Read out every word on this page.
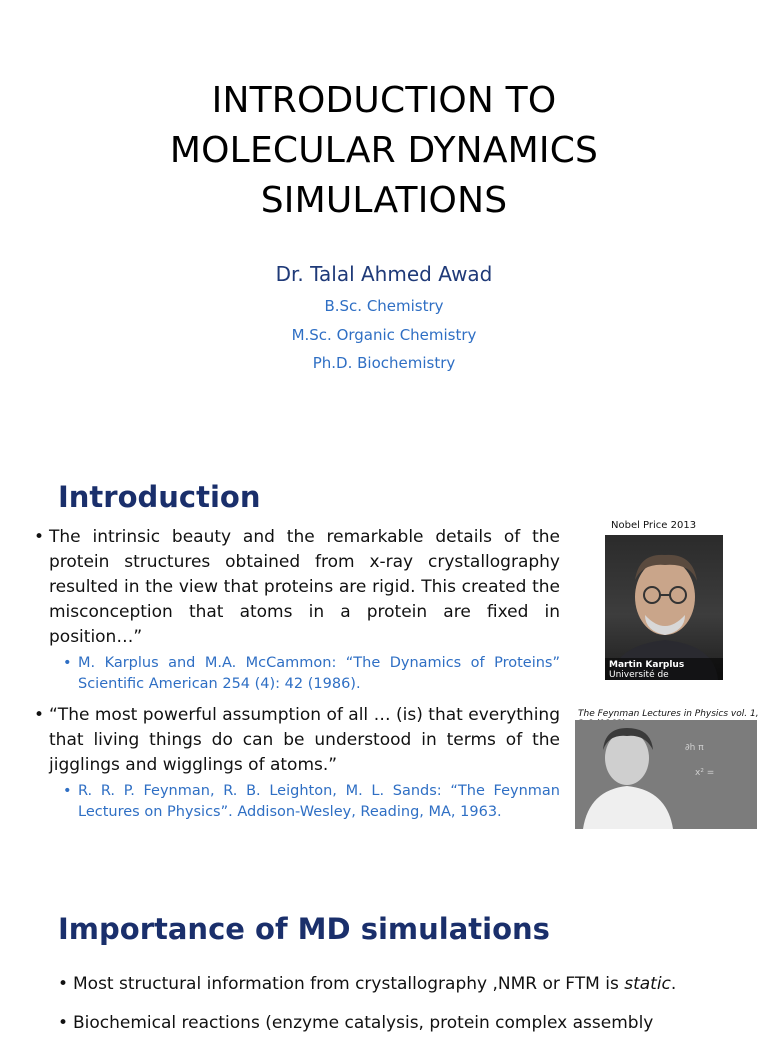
INTRODUCTION TO
MOLECULAR DYNAMICS
SIMULATIONS
Dr. Talal Ahmed Awad
B.Sc. Chemistry
M.Sc. Organic Chemistry
Ph.D. Biochemistry
Introduction
• The intrinsic beauty and the remarkable details of the protein structures obtained from x-ray crystallography resulted in the view that proteins are rigid. This created the misconception that atoms in a protein are fixed in position…”
• M. Karplus and M.A. McCammon: “The Dynamics of Proteins” Scientific American 254 (4): 42 (1986).
• “The most powerful assumption of all … (is) that everything that living things do can be understood in terms of the jigglings and wigglings of atoms.”
• R. R. P. Feynman, R. B. Leighton, M. L. Sands: “The Feynman Lectures on Physics”. Addison-Wesley, Reading, MA, 1963.
Nobel Price 2013
Martin Karplus
Université de Strasbourg,
The Feynman Lectures in Physics vol. 1,
∂h π
x² =
Importance of MD simulations
• Most structural information from crystallography ,NMR or FTM is static.
• Biochemical reactions (enzyme catalysis, protein complex assembly
